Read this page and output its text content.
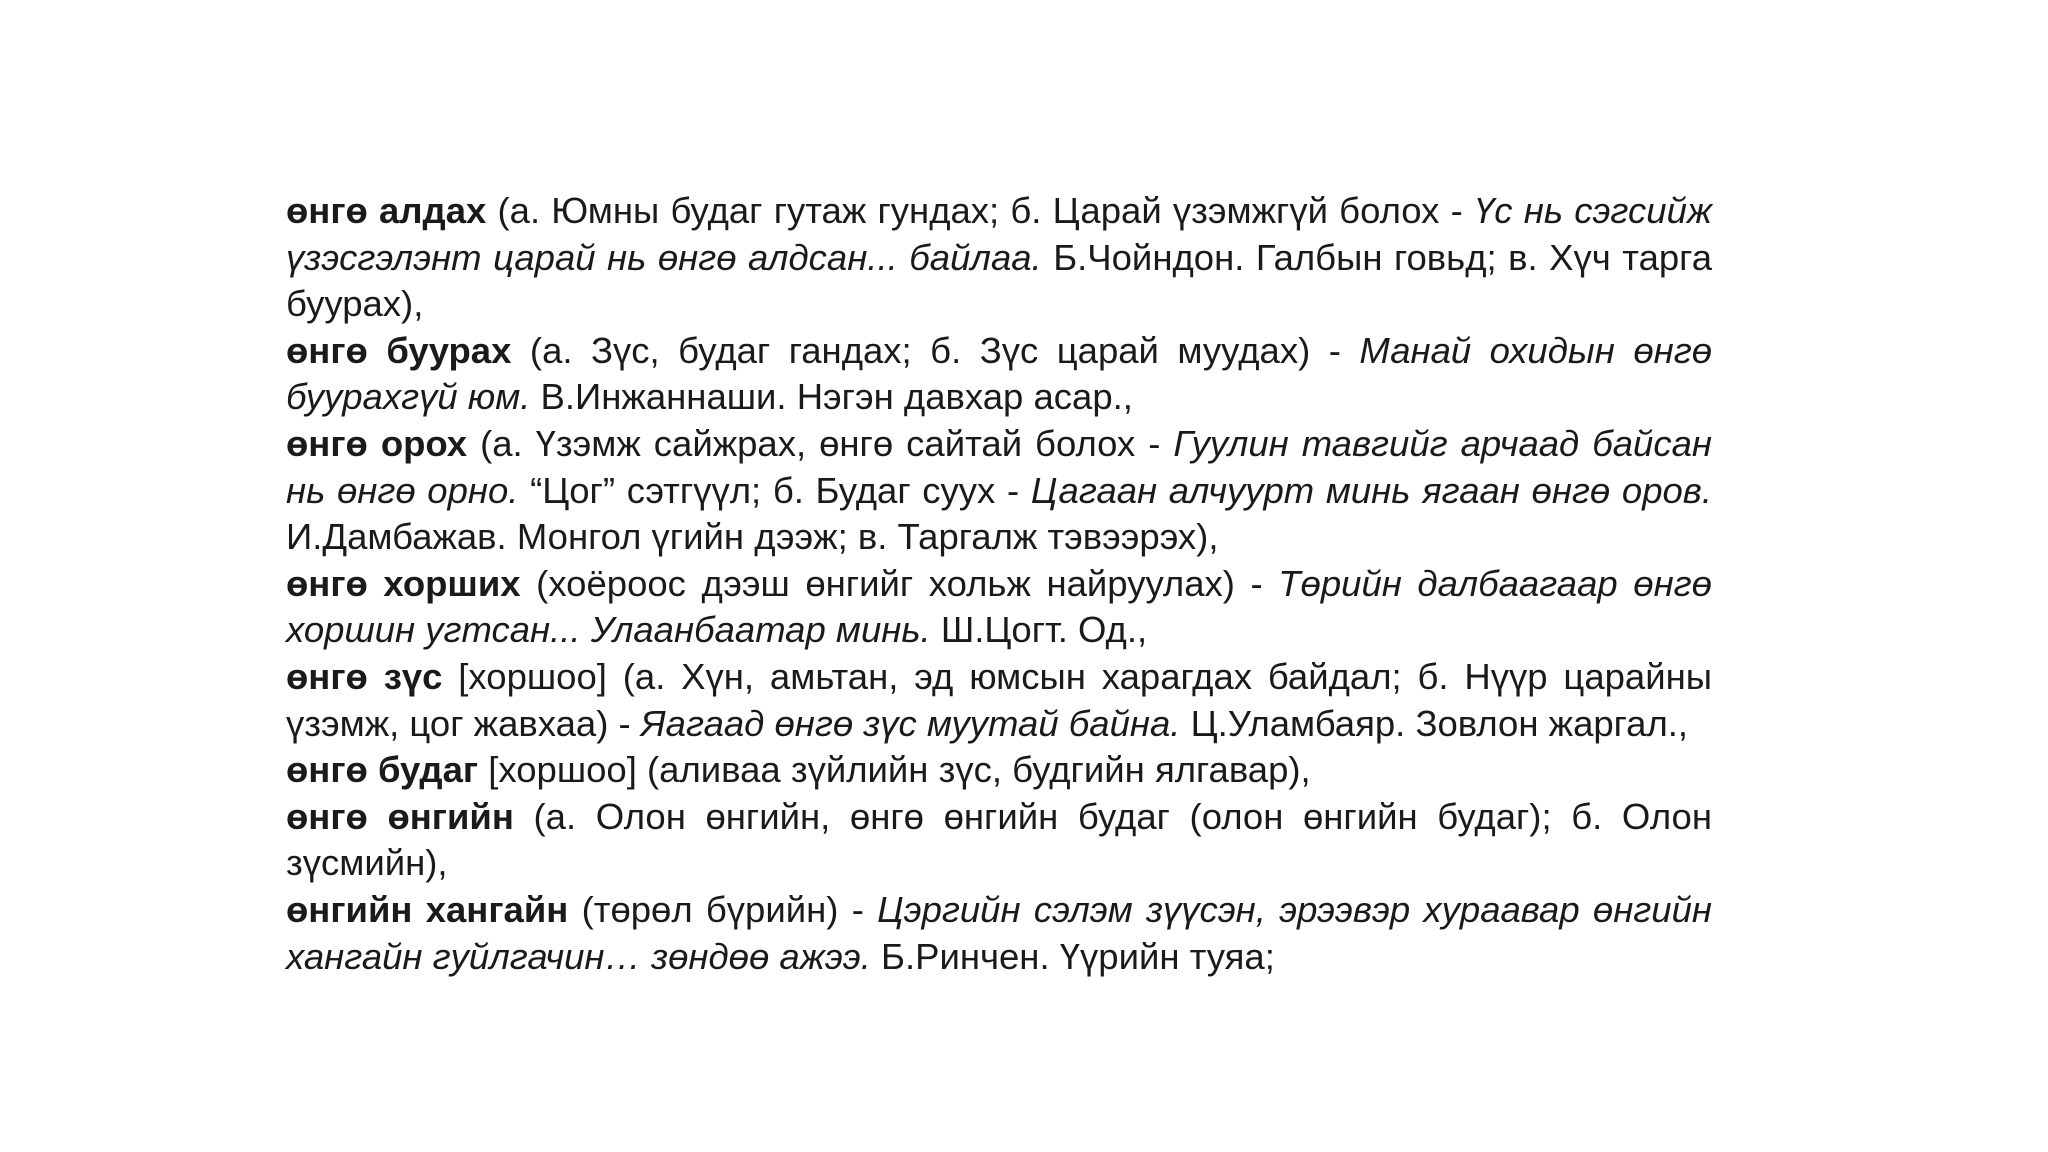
өнгө алдах (а. Юмны будаг гутаж гундах; б. Царай үзэмжгүй болох - Үс нь сэгсийж үзэсгэлэнт царай нь өнгө алдсан... байлаа. Б.Чойндон. Галбын говьд; в. Хүч тарга буурах),

өнгө буурах (а. Зүс, будаг гандах; б. Зүс царай муудах) - Манай охидын өнгө буурахгүй юм. В.Инжаннаши. Нэгэн давхар асар.,

өнгө орох (а. Үзэмж сайжрах, өнгө сайтай болох - Гуулин тавгийг арчаад байсан нь өнгө орно. “Цог” сэтгүүл; б. Будаг суух - Цагаан алчуурт минь ягаан өнгө оров. И.Дамбажав. Монгол үгийн дээж; в. Таргалж тэвээрэх),

өнгө хорших (хоёроос дээш өнгийг хольж найруулах) - Төрийн далбаагаар өнгө хоршин угтсан... Улаанбаатар минь. Ш.Цогт. Од.,

өнгө зүс [хоршоо] (а. Хүн, амьтан, эд юмсын харагдах байдал; б. Нүүр царайны үзэмж, цог жавхаа) - Яагаад өнгө зүс муутай байна. Ц.Уламбаяр. Зовлон жаргал.,

өнгө будаг [хоршоо] (аливаа зүйлийн зүс, будгийн ялгавар),

өнгө өнгийн (а. Олон өнгийн, өнгө өнгийн будаг (олон өнгийн будаг); б. Олон зүсмийн),

өнгийн хангайн (төрөл бүрийн) - Цэргийн сэлэм зүүсэн, эрээвэр хураавар өнгийн хангайн гуйлгачин… зөндөө ажээ. Б.Ринчен. Үүрийн туяа;
